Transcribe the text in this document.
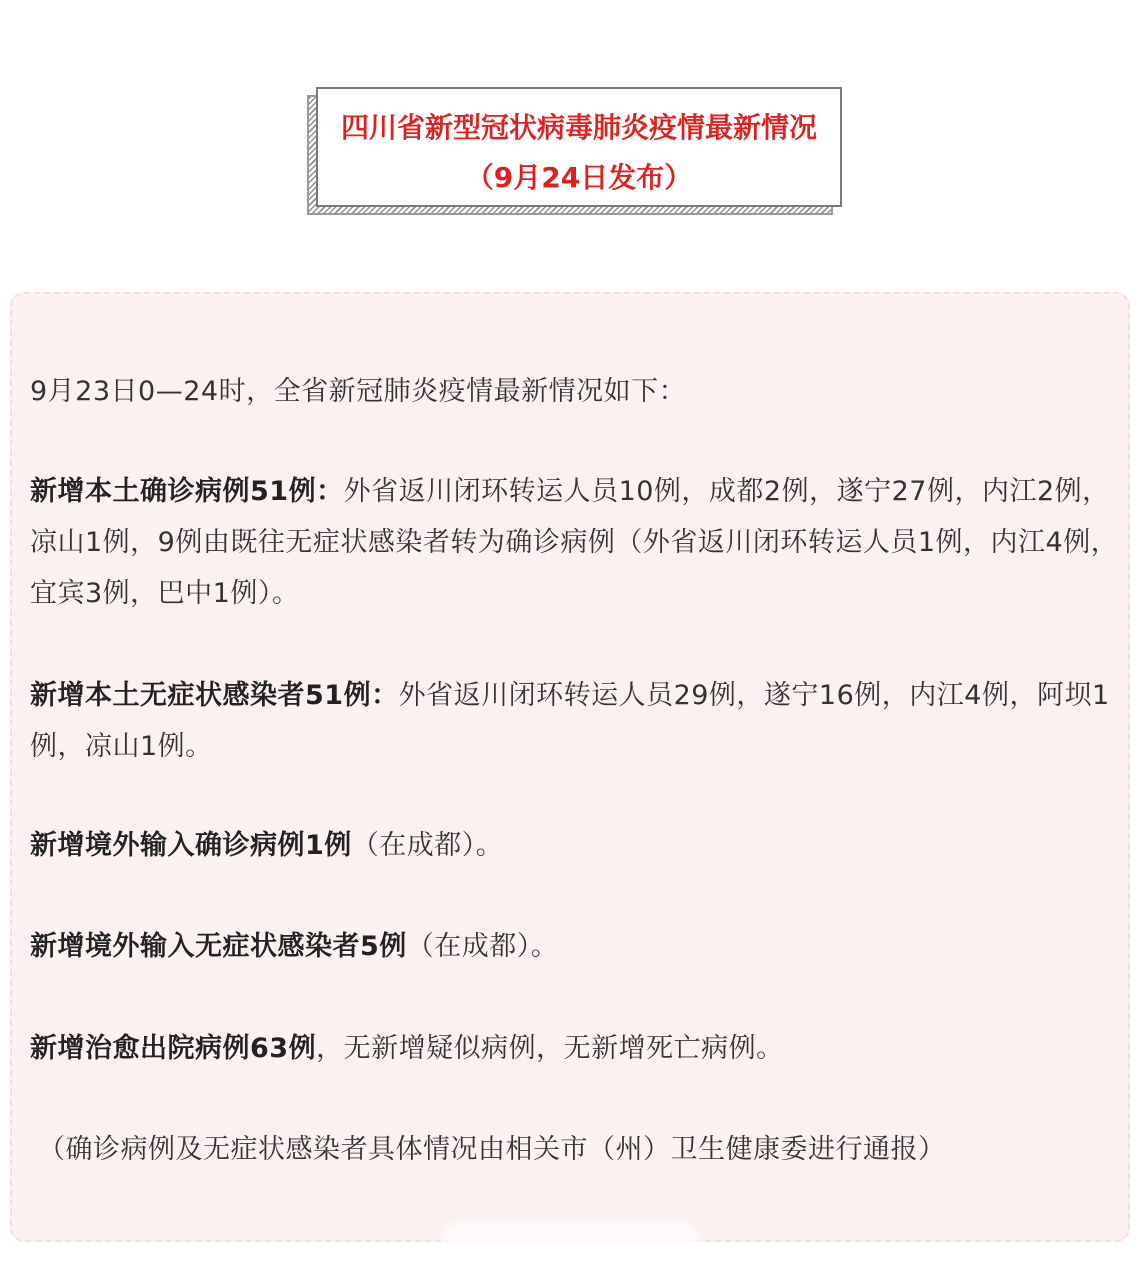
四川省新型冠状病毒肺炎疫情最新情况
（9月24日发布）
9月23日0—24时，全省新冠肺炎疫情最新情况如下：
新增本土确诊病例51例：外省返川闭环转运人员10例，成都2例，遂宁27例，内江2例，凉山1例，9例由既往无症状感染者转为确诊病例（外省返川闭环转运人员1例，内江4例，宜宾3例，巴中1例）。
新增本土无症状感染者51例：外省返川闭环转运人员29例，遂宁16例，内江4例，阿坝1例，凉山1例。
新增境外输入确诊病例1例（在成都）。
新增境外输入无症状感染者5例（在成都）。
新增治愈出院病例63例，无新增疑似病例，无新增死亡病例。
（确诊病例及无症状感染者具体情况由相关市（州）卫生健康委进行通报）
